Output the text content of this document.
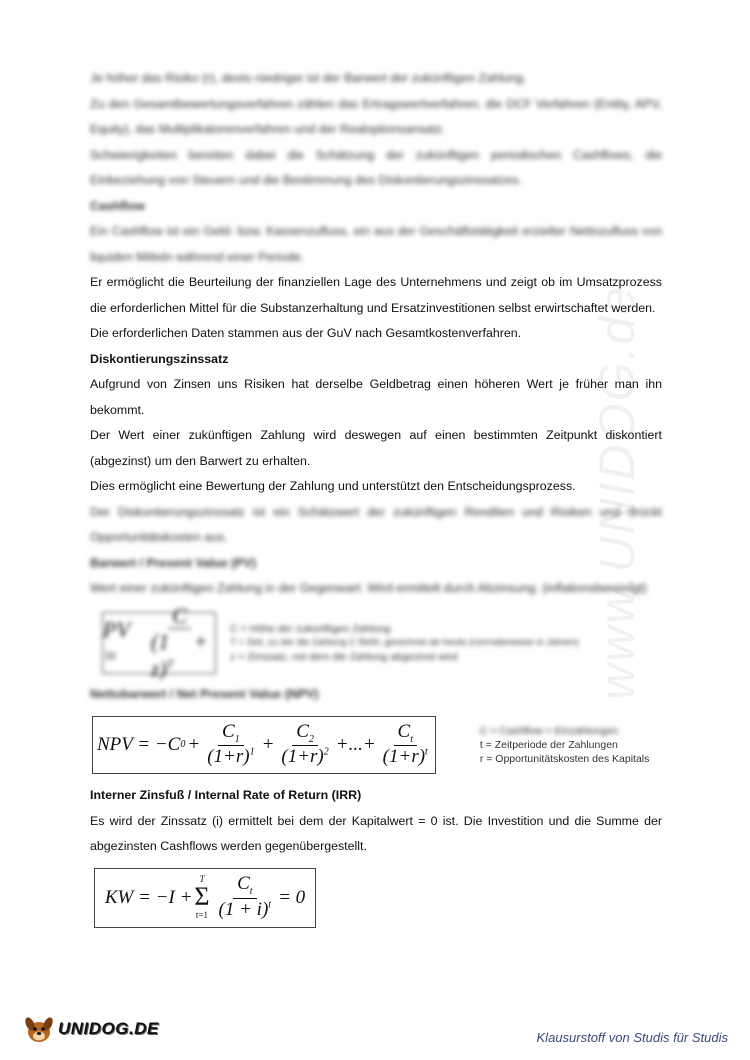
www.UNIDOG.de

Je höher das Risiko (r), desto niedriger ist der Barwert der zukünftigen Zahlung.

Zu den Gesamtbewertungsverfahren zählen das Ertragswertverfahren, die DCF Verfahren (Entity, APV, Equity), das Multiplikatorenverfahren und der Realoptionsansatz.

Schwierigkeiten bereiten dabei die Schätzung der zukünftigen periodischen Cashflows, die Einbeziehung von Steuern und die Bestimmung des Diskontierungszinssatzes.

Cashflow

Ein Cashflow ist ein Geld- bzw. Kassenzufluss, ein aus der Geschäftstätigkeit erzielter Nettozufluss von liquiden Mitteln während einer Periode.

Er ermöglicht die Beurteilung der finanziellen Lage des Unternehmens und zeigt ob im Umsatzprozess die erforderlichen Mittel für die Substanzerhaltung und Ersatzinvestitionen selbst erwirtschaftet werden.

Die erforderlichen Daten stammen aus der GuV nach Gesamtkostenverfahren.

Diskontierungszinssatz

Aufgrund von Zinsen uns Risiken hat derselbe Geldbetrag einen höheren Wert je früher man ihn bekommt.

Der Wert einer zukünftigen Zahlung wird deswegen auf einen bestimmten Zeitpunkt diskontiert (abgezinst) um den Barwert zu erhalten.

Dies ermöglicht eine Bewertung der Zahlung und unterstützt den Entscheidungsprozess.

Der Diskontierungszinssatz ist ein Schätzwert der zukünftigen Renditen und Risiken und drückt Opportunitätskosten aus.

Barwert / Present Value (PV)

Wert einer zukünftigen Zahlung in der Gegenwart. Wird ermittelt durch Abzinsung. (inflationsbereinigt)

PV =	$\frac{C}{(1 + z)^T}$ C = Höhe der zukünftigen Zahlung
T = Zeit, zu der die Zahlung C fließt, gerechnet ab heute (normalerweise in Jahren)
z = Zinssatz, mit dem die Zahlung abgezinst wird

Nettobarwert / Net Present Value (NPV)

NPV = −C $0 + \frac{C_1}{(1+r)^1} + \frac{C_2}{(1+r)^2}$ +...+ $\frac{C_t}{(1+r)^t}$	C = Cashflow = Einzahlungen
t = Zeitperiode der Zahlungen
r = Opportunitätskosten des Kapitals

Interner Zinsfuß / Internal Rate of Return (IRR)

Es wird der Zinssatz (i) ermittelt bei dem der Kapitalwert = 0 ist. Die Investition und die Summe der abgezinsten Cashflows werden gegenübergestellt.

KW = −I +
T
Σ
$t=1 \frac{C_t}{(1 + i)^t} = 0$
UNIDOG.DE	Klausurstoff von Studis für Studis
